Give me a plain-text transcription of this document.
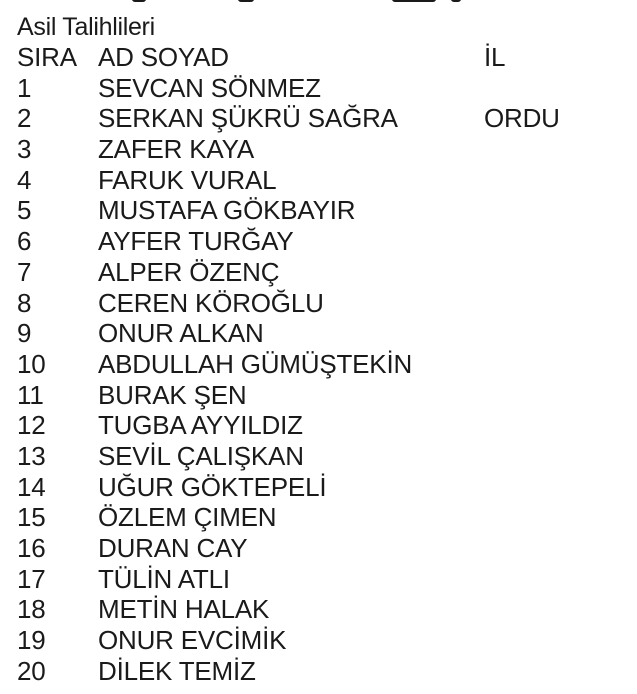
Asil Talihlileri
SIRA AD SOYAD	İL
1	SEVCAN SÖNMEZ
2	SERKAN ŞÜKRÜ SAĞRA	ORDU
3	ZAFER KAYA
4	FARUK VURAL
5	MUSTAFA GÖKBAYIR
6	AYFER TURĞAY
7	ALPER ÖZENÇ
8	CEREN KÖROĞLU
9	ONUR ALKAN
10 ABDULLAH GÜMÜŞTEKİN
11 BURAK ŞEN
12 TUGBA AYYILDIZ
13 SEVİL ÇALIŞKAN
14 UĞUR GÖKTEPELİ
15 ÖZLEM ÇIMEN
16 DURAN CAY
17 TÜLİN ATLI
18 METİN HALAK
19 ONUR EVCİMİK
20 DİLEK TEMİZ
